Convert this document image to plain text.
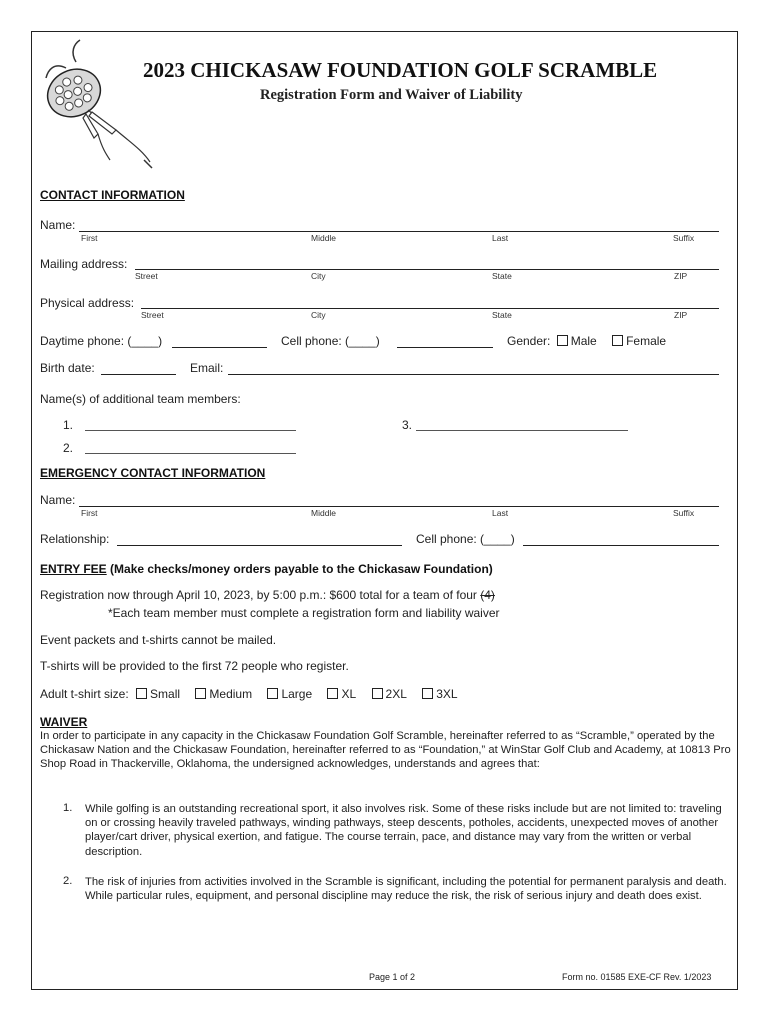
2023 CHICKASAW FOUNDATION GOLF SCRAMBLE
Registration Form and Waiver of Liability
CONTACT INFORMATION
Name:
First	Middle	Last	Suffix
Mailing address:
Street	City	State	ZIP
Physical address:
Street	City	State	ZIP
Daytime phone: (____)	Cell phone: (____)	Gender: Male Female
Birth date:	Email:
Name(s) of additional team members:
1.	3.
2.
EMERGENCY CONTACT INFORMATION
Name:
First	Middle	Last	Suffix
Relationship:	Cell phone: (____)
ENTRY FEE (Make checks/money orders payable to the Chickasaw Foundation)
Registration now through April 10, 2023, by 5:00 p.m.: $600 total for a team of four (4)
*Each team member must complete a registration form and liability waiver
Event packets and t-shirts cannot be mailed.
T-shirts will be provided to the first 72 people who register.
Adult t-shirt size: Small Medium Large XL 2XL 3XL
WAIVER
In order to participate in any capacity in the Chickasaw Foundation Golf Scramble, hereinafter referred to as “Scramble,” operated by the Chickasaw Nation and the Chickasaw Foundation, hereinafter referred to as “Foundation,” at WinStar Golf Club and Academy, at 10813 Pro Shop Road in Thackerville, Oklahoma, the undersigned acknowledges, understands and agrees that:
1. While golfing is an outstanding recreational sport, it also involves risk. Some of these risks include but are not limited to: traveling on or crossing heavily traveled pathways, winding pathways, steep descents, potholes, accidents, unexpected moves of another player/cart driver, physical exertion, and fatigue. The course terrain, pace, and distance may vary from the written or verbal description.
2. The risk of injuries from activities involved in the Scramble is significant, including the potential for permanent paralysis and death. While particular rules, equipment, and personal discipline may reduce the risk, the risk of serious injury and death does exist.
Page 1 of 2	Form no. 01585 EXE-CF Rev. 1/2023
